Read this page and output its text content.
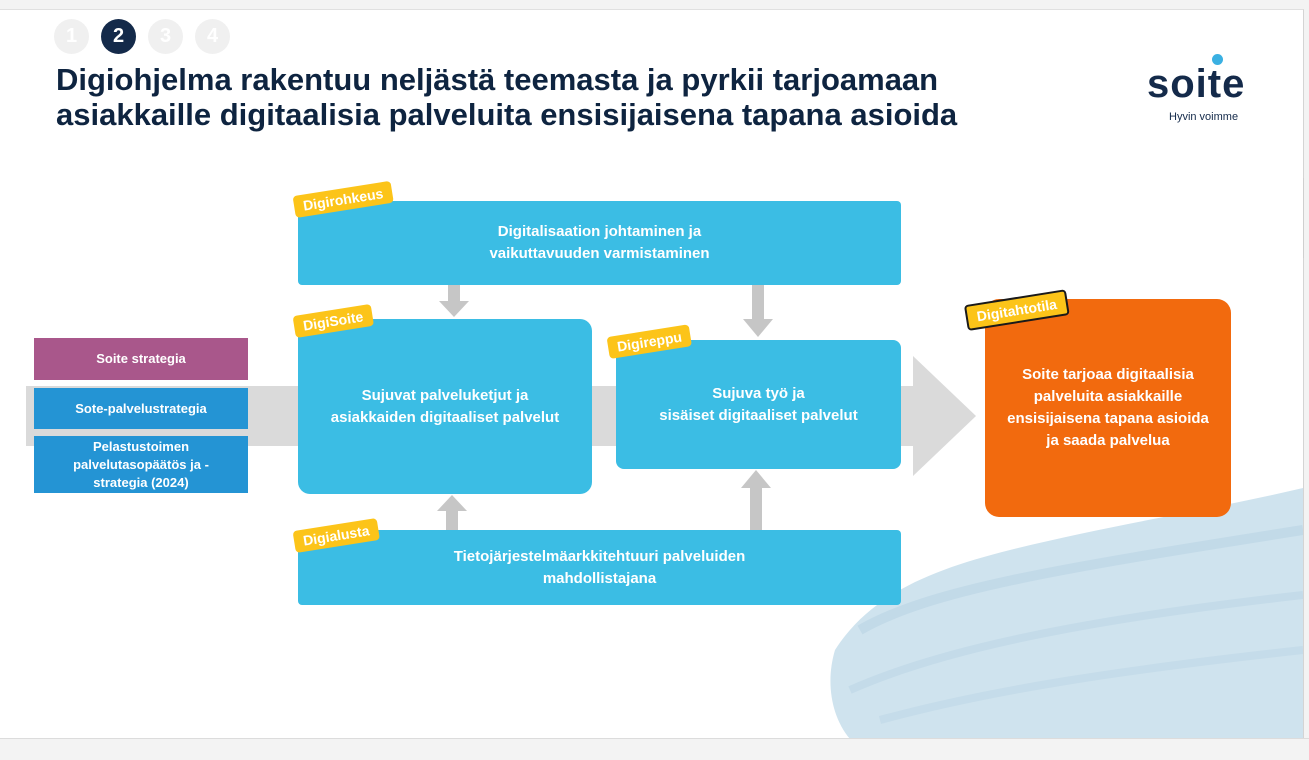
1	2	3	4
Digiohjelma rakentuu neljästä teemasta ja pyrkii tarjoamaan asiakkaille digitaalisia palveluita ensisijaisena tapana asioida
soite
Hyvin voimme
Soite strategia
Sote-palvelustrategia
Pelastustoimen
palvelutasopäätös ja -
strategia (2024)
Digitalisaation johtaminen ja
vaikuttavuuden varmistaminen
Digirohkeus
Sujuvat palveluketjut ja
asiakkaiden digitaaliset palvelut
DigiSoite
Sujuva työ ja
sisäiset digitaaliset palvelut
Digireppu
Tietojärjestelmäarkkitehtuuri palveluiden
mahdollistajana
Digialusta
Soite tarjoaa digitaalisia
palveluita asiakkaille
ensisijaisena tapana asioida
ja saada palvelua
Digitahtotila
